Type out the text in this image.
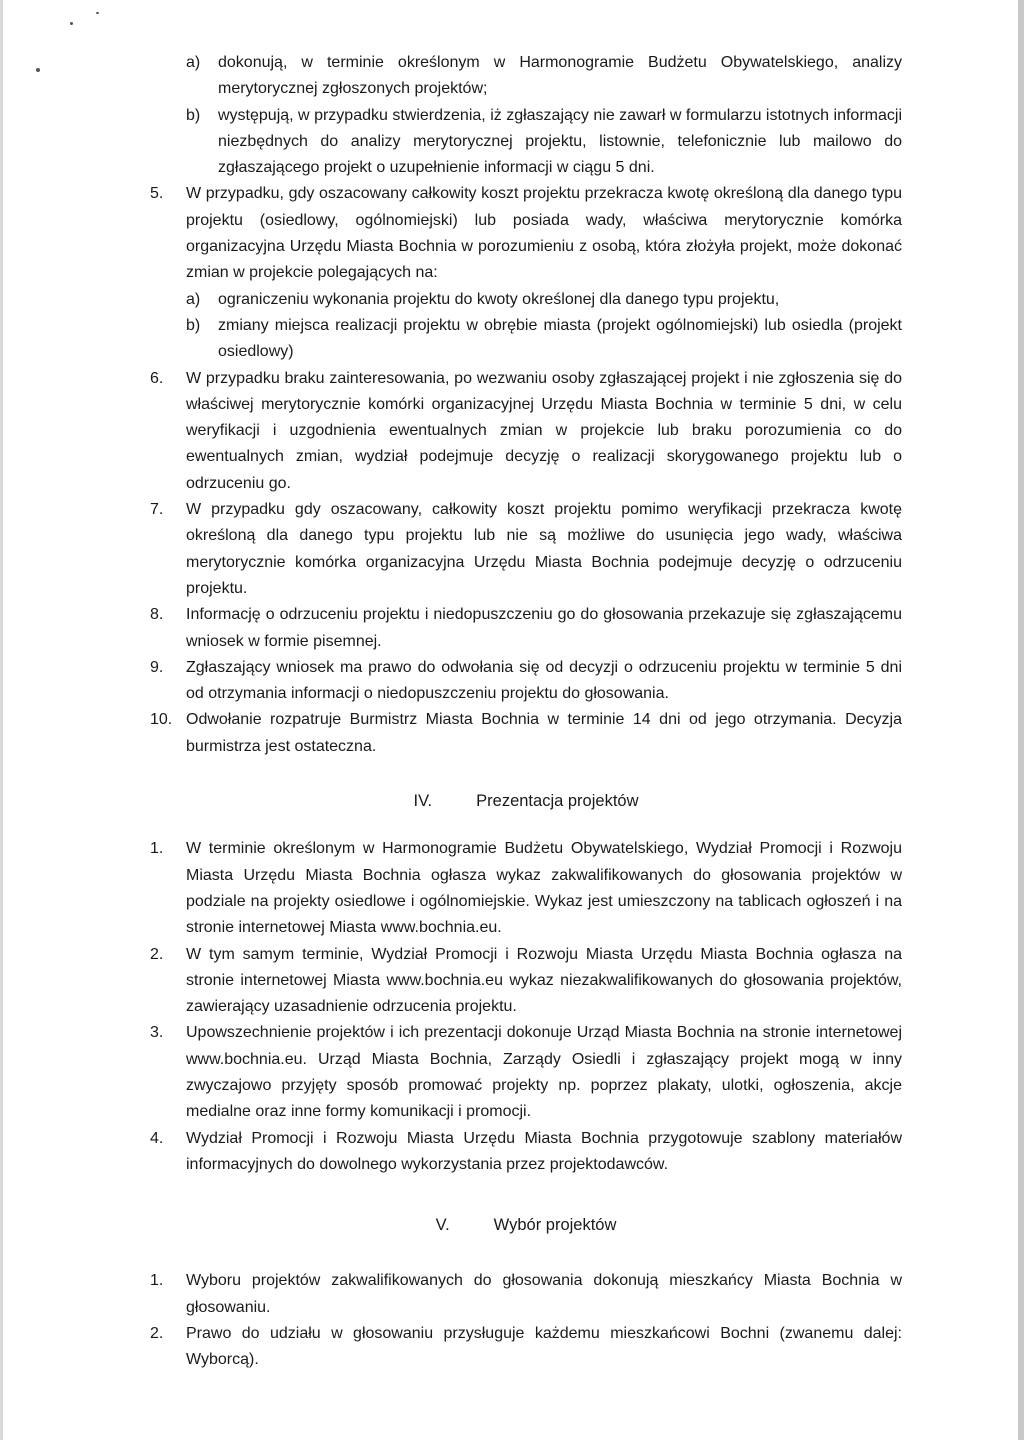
a)	dokonują, w terminie określonym w Harmonogramie Budżetu Obywatelskiego, analizy merytorycznej zgłoszonych projektów;
b)	występują, w przypadku stwierdzenia, iż zgłaszający nie zawarł w formularzu istotnych informacji niezbędnych do analizy merytorycznej projektu, listownie, telefonicznie lub mailowo do zgłaszającego projekt o uzupełnienie informacji w ciągu 5 dni.
5.	W przypadku, gdy oszacowany całkowity koszt projektu przekracza kwotę określoną dla danego typu projektu (osiedlowy, ogólnomiejski) lub posiada wady, właściwa merytorycznie komórka organizacyjna Urzędu Miasta Bochnia w porozumieniu z osobą, która złożyła projekt, może dokonać zmian w projekcie polegających na:
a)	ograniczeniu wykonania projektu do kwoty określonej dla danego typu projektu,
b)	zmiany miejsca realizacji projektu w obrębie miasta (projekt ogólnomiejski) lub osiedla (projekt osiedlowy)
6.	W przypadku braku zainteresowania, po wezwaniu osoby zgłaszającej projekt i nie zgłoszenia się do właściwej merytorycznie komórki organizacyjnej Urzędu Miasta Bochnia w terminie 5 dni, w celu weryfikacji i uzgodnienia ewentualnych zmian w projekcie lub braku porozumienia co do ewentualnych zmian, wydział podejmuje decyzję o realizacji skorygowanego projektu lub o odrzuceniu go.
7.	W przypadku gdy oszacowany, całkowity koszt projektu pomimo weryfikacji przekracza kwotę określoną dla danego typu projektu lub nie są możliwe do usunięcia jego wady, właściwa merytorycznie komórka organizacyjna Urzędu Miasta Bochnia podejmuje decyzję o odrzuceniu projektu.
8.	Informację o odrzuceniu projektu i niedopuszczeniu go do głosowania przekazuje się zgłaszającemu wniosek w formie pisemnej.
9.	Zgłaszający wniosek ma prawo do odwołania się od decyzji o odrzuceniu projektu w terminie 5 dni od otrzymania informacji o niedopuszczeniu projektu do głosowania.
10. Odwołanie rozpatruje Burmistrz Miasta Bochnia w terminie 14 dni od jego otrzymania. Decyzja burmistrza jest ostateczna.
IV.	Prezentacja projektów
1.	W terminie określonym w Harmonogramie Budżetu Obywatelskiego, Wydział Promocji i Rozwoju Miasta Urzędu Miasta Bochnia ogłasza wykaz zakwalifikowanych do głosowania projektów w podziale na projekty osiedlowe i ogólnomiejskie. Wykaz jest umieszczony na tablicach ogłoszeń i na stronie internetowej Miasta www.bochnia.eu.
2.	W tym samym terminie, Wydział Promocji i Rozwoju Miasta Urzędu Miasta Bochnia ogłasza na stronie internetowej Miasta www.bochnia.eu wykaz niezakwalifikowanych do głosowania projektów, zawierający uzasadnienie odrzucenia projektu.
3.	Upowszechnienie projektów i ich prezentacji dokonuje Urząd Miasta Bochnia na stronie internetowej www.bochnia.eu. Urząd Miasta Bochnia, Zarządy Osiedli i zgłaszający projekt mogą w inny zwyczajowo przyjęty sposób promować projekty np. poprzez plakaty, ulotki, ogłoszenia, akcje medialne oraz inne formy komunikacji i promocji.
4.	Wydział Promocji i Rozwoju Miasta Urzędu Miasta Bochnia przygotowuje szablony materiałów informacyjnych do dowolnego wykorzystania przez projektodawców.
V.	Wybór projektów
1.	Wyboru projektów zakwalifikowanych do głosowania dokonują mieszkańcy Miasta Bochnia w głosowaniu.
2.	Prawo do udziału w głosowaniu przysługuje każdemu mieszkańcowi Bochni (zwanemu dalej: Wyborcą).
